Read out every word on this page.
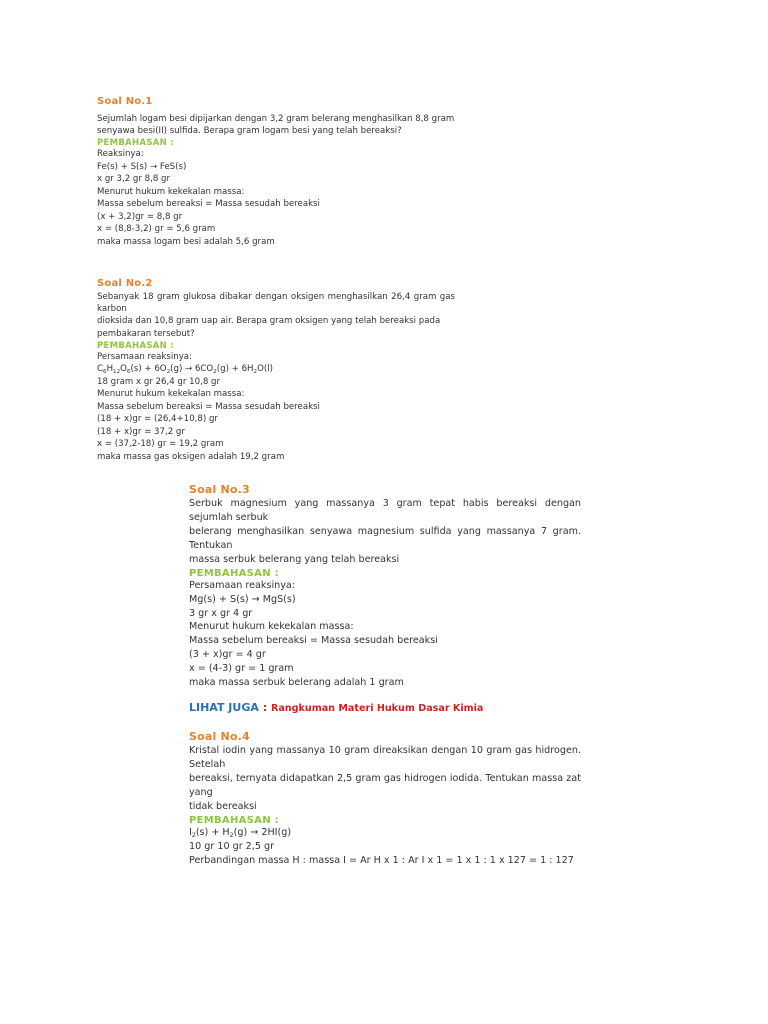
Soal No.1
Sejumlah logam besi dipijarkan dengan 3,2 gram belerang menghasilkan 8,8 gram
senyawa besi(II) sulfida. Berapa gram logam besi yang telah bereaksi?
PEMBAHASAN :
Reaksinya:
Fe(s) + S(s) → FeS(s)
x gr 3,2 gr 8,8 gr
Menurut hukum kekekalan massa:
Massa sebelum bereaksi = Massa sesudah bereaksi
(x + 3,2)gr = 8,8 gr
x = (8,8-3,2) gr = 5,6 gram
maka massa logam besi adalah 5,6 gram
Soal No.2
Sebanyak 18 gram glukosa dibakar dengan oksigen menghasilkan 26,4 gram gas karbon
dioksida dan 10,8 gram uap air. Berapa gram oksigen yang telah bereaksi pada
pembakaran tersebut?
PEMBAHASAN :
Persamaan reaksinya:
$C_6H_{12}O_6(s) + 6O_2(g) \to 6CO_2(g) + 6H_2O(l)$
18 gram x gr 26,4 gr 10,8 gr
Menurut hukum kekekalan massa:
Massa sebelum bereaksi = Massa sesudah bereaksi
(18 + x)gr = (26,4+10,8) gr
(18 + x)gr = 37,2 gr
x = (37,2-18) gr = 19,2 gram
maka massa gas oksigen adalah 19,2 gram
Soal No.3
Serbuk magnesium yang massanya 3 gram tepat habis bereaksi dengan sejumlah serbuk
belerang menghasilkan senyawa magnesium sulfida yang massanya 7 gram. Tentukan
massa serbuk belerang yang telah bereaksi
PEMBAHASAN :
Persamaan reaksinya:
Mg(s) + S(s) → MgS(s)
3 gr x gr 4 gr
Menurut hukum kekekalan massa:
Massa sebelum bereaksi = Massa sesudah bereaksi
(3 + x)gr = 4 gr
x = (4-3) gr = 1 gram
maka massa serbuk belerang adalah 1 gram
LIHAT JUGA : Rangkuman Materi Hukum Dasar Kimia
Soal No.4
Kristal iodin yang massanya 10 gram direaksikan dengan 10 gram gas hidrogen. Setelah
bereaksi, ternyata didapatkan 2,5 gram gas hidrogen iodida. Tentukan massa zat yang
tidak bereaksi
PEMBAHASAN :
$I_2(s) + H_2(g) \to 2HI(g)$
10 gr 10 gr 2,5 gr
Perbandingan massa H : massa I = Ar H x 1 : Ar I x 1 = 1 x 1 : 1 x 127 = 1 : 127
